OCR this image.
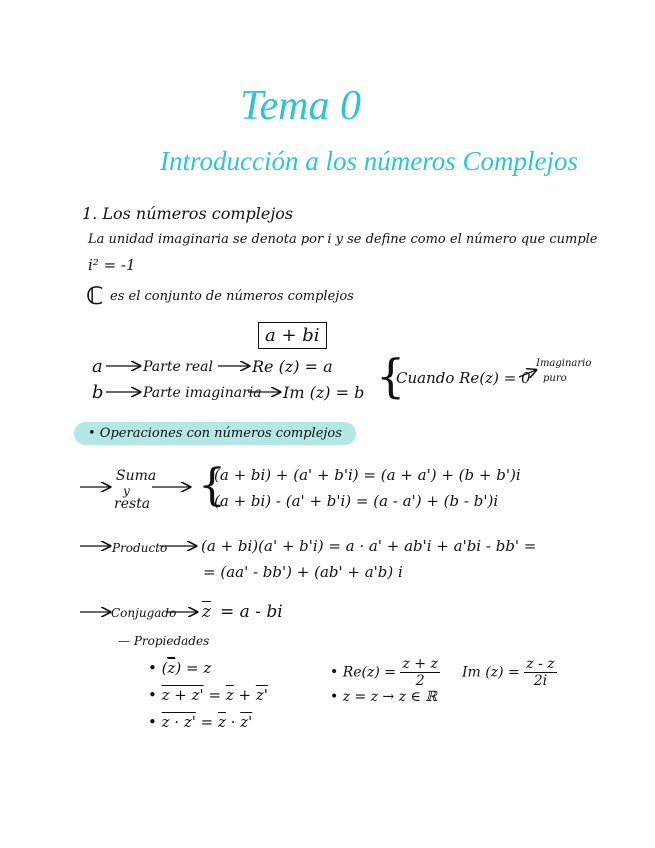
Tema 0
Introducción a los números Complejos
1. Los números complejos
La unidad imaginaria se denota por i y se define como el número que cumple
i² = -1
ℂ es el conjunto de números complejos
a + bi
a	Parte real Re (z) = a
b	Parte imaginaria Im (z) = b {
Cuando Re(z) = 0
Imaginario
puro
• Operaciones con números complejos
Suma
y
resta {
(a + bi) + (a' + b'i) = (a + a') + (b + b')i
(a + bi) - (a' + b'i) = (a - a') + (b - b')i
Producto (a + bi)(a' + b'i) = a · a' + ab'i + a'bi - bb' =
= (aa' - bb') + (ab' + a'b) i
Conjugado $\overline{z} = a$ - bi
— Propiedades
• $(\overline{z}) = z$
• $z + z' = \overline{z} + z'$
• $z \cdot z' = \overline{z} \cdot z'$
• $Re(z) = \frac{z + z}{2}$ Im $(z) = \frac{z - z}{2i}$
• z = z → z ∈ ℝ
